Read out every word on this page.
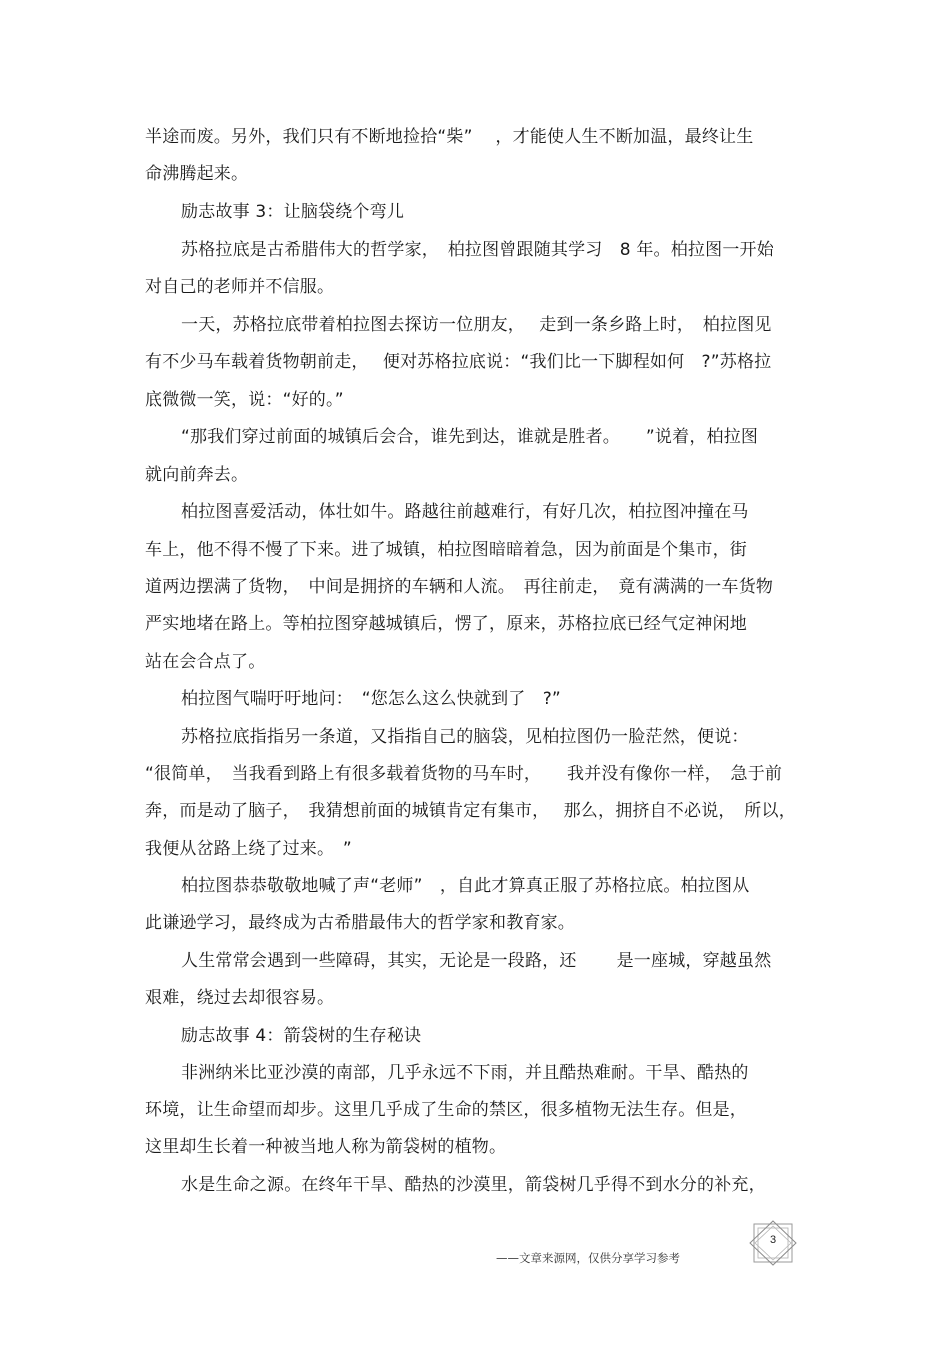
半途而废。另外，我们只有不断地捡拾“柴”　 ，才能使人生不断加温，最终让生
命沸腾起来。
励志故事 3：让脑袋绕个弯儿
苏格拉底是古希腊伟大的哲学家，　柏拉图曾跟随其学习　8 年。柏拉图一开始
对自己的老师并不信服。
一天，苏格拉底带着柏拉图去探访一位朋友，　 走到一条乡路上时，　柏拉图见
有不少马车载着货物朝前走，　 便对苏格拉底说：“我们比一下脚程如何　?”苏格拉
底微微一笑，说：“好的。”
“那我们穿过前面的城镇后会合，谁先到达，谁就是胜者。　　”说着，柏拉图
就向前奔去。
柏拉图喜爱活动，体壮如牛。路越往前越难行，有好几次，柏拉图冲撞在马
车上，他不得不慢了下来。进了城镇，柏拉图暗暗着急，因为前面是个集市，街
道两边摆满了货物，　中间是拥挤的车辆和人流。　再往前走，　竟有满满的一车货物
严实地堵在路上。等柏拉图穿越城镇后，愣了，原来，苏格拉底已经气定神闲地
站在会合点了。
柏拉图气喘吁吁地问：　“您怎么这么快就到了　?”
苏格拉底指指另一条道，又指指自己的脑袋，见柏拉图仍一脸茫然，便说：
“很简单，　当我看到路上有很多载着货物的马车时，　　我并没有像你一样，　急于前
奔，而是动了脑子，　我猜想前面的城镇肯定有集市，　 那么，拥挤自不必说，　所以，
我便从岔路上绕了过来。　”
柏拉图恭恭敬敬地喊了声“老师”　，自此才算真正服了苏格拉底。柏拉图从
此谦逊学习，最终成为古希腊最伟大的哲学家和教育家。
人生常常会遇到一些障碍，其实，无论是一段路，还　　 是一座城，穿越虽然
艰难，绕过去却很容易。
励志故事 4：箭袋树的生存秘诀
非洲纳米比亚沙漠的南部，几乎永远不下雨，并且酷热难耐。干旱、酷热的
环境，让生命望而却步。这里几乎成了生命的禁区，很多植物无法生存。但是，
这里却生长着一种被当地人称为箭袋树的植物。
水是生命之源。在终年干旱、酷热的沙漠里，箭袋树几乎得不到水分的补充，
——文章来源网，仅供分享学习参考
3
